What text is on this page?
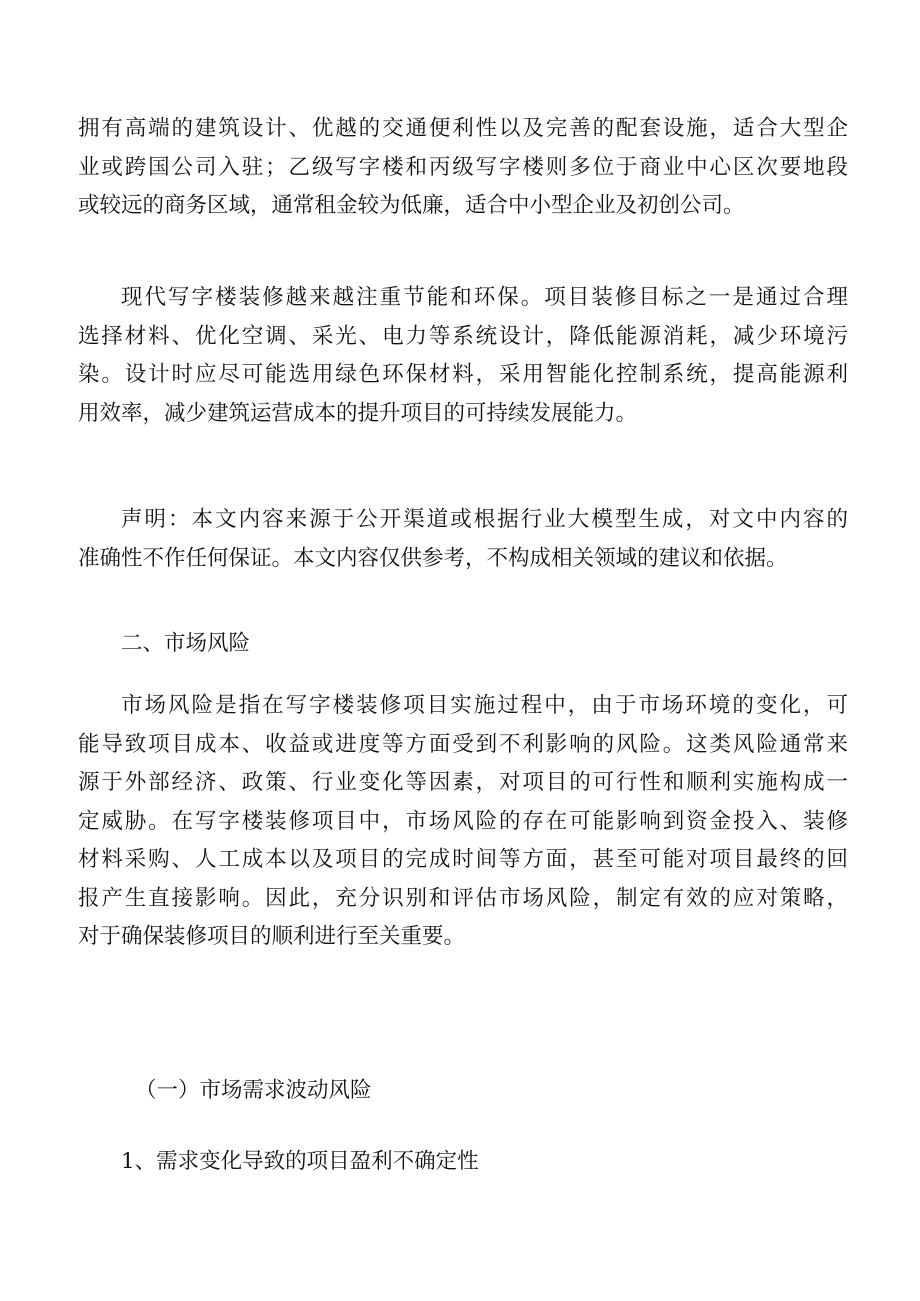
拥有高端的建筑设计、优越的交通便利性以及完善的配套设施，适合大型企
业或跨国公司入驻；乙级写字楼和丙级写字楼则多位于商业中心区次要地段
或较远的商务区域，通常租金较为低廉，适合中小型企业及初创公司。
现代写字楼装修越来越注重节能和环保。项目装修目标之一是通过合理
选择材料、优化空调、采光、电力等系统设计，降低能源消耗，减少环境污
染。设计时应尽可能选用绿色环保材料，采用智能化控制系统，提高能源利
用效率，减少建筑运营成本的提升项目的可持续发展能力。
声明：本文内容来源于公开渠道或根据行业大模型生成，对文中内容的
准确性不作任何保证。本文内容仅供参考，不构成相关领域的建议和依据。
二、市场风险
市场风险是指在写字楼装修项目实施过程中，由于市场环境的变化，可
能导致项目成本、收益或进度等方面受到不利影响的风险。这类风险通常来
源于外部经济、政策、行业变化等因素，对项目的可行性和顺利实施构成一
定威胁。在写字楼装修项目中，市场风险的存在可能影响到资金投入、装修
材料采购、人工成本以及项目的完成时间等方面，甚至可能对项目最终的回
报产生直接影响。因此，充分识别和评估市场风险，制定有效的应对策略，
对于确保装修项目的顺利进行至关重要。
（一）市场需求波动风险
1、需求变化导致的项目盈利不确定性
